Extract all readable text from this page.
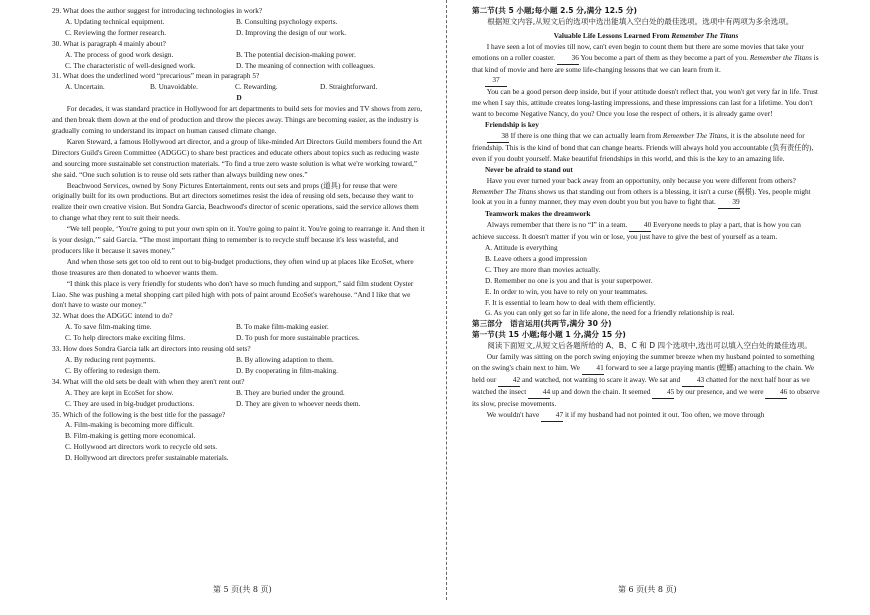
29. What does the author suggest for introducing technologies in work?

A. Updating technical equipment.	B. Consulting psychology experts.
C. Reviewing the former research.	D. Improving the design of our work.

30. What is paragraph 4 mainly about?

A. The process of good work design.	B. The potential decision-making power.
C. The characteristic of well-designed work.	D. The meaning of connection with colleagues.

31. What does the underlined word “precarious” mean in paragraph 5?

A. Uncertain.	B. Unavoidable.	C. Rewarding.	D. Straightforward.

D

For decades, it was standard practice in Hollywood for art departments to build sets for movies and TV shows from zero, and then break them down at the end of production and throw the pieces away. Things are becoming easier, as the industry is gradually coming to understand its impact on human caused climate change.

Karen Steward, a famous Hollywood art director, and a group of like-minded Art Directors Guild members found the Art Directors Guild's Green Committee (ADGGC) to share best practices and educate others about topics such as reducing waste and sourcing more sustainable set construction materials. “To find a true zero waste solution is what we're working toward,” she said. “One such solution is to reuse old sets rather than always building new ones.”

Beachwood Services, owned by Sony Pictures Entertainment, rents out sets and props (道具) for reuse that were originally built for its own productions. But art directors sometimes resist the idea of reusing old sets, because they want to realize their own creative vision. But Sondra Garcia, Beachwood's director of scenic operations, said the service allows them to change what they rent to suit their needs.

“We tell people, ‘You're going to put your own spin on it. You're going to paint it. You're going to rearrange it. And then it is your design,’” said Garcia. “The most important thing to remember is to recycle stuff because it's less wasteful, and producers like it because it saves money.”

And when those sets get too old to rent out to big-budget productions, they often wind up at places like EcoSet, where those treasures are then donated to whoever wants them.

“I think this place is very friendly for students who don't have so much funding and support,” said film student Oyster Liao. She was pushing a metal shopping cart piled high with pots of paint around EcoSet's warehouse. “And I like that we don't have to waste our money.”

32. What does the ADGGC intend to do?

A. To save film-making time.	B. To make film-making easier.
C. To help directors make exciting films.	D. To push for more sustainable practices.

33. How does Sondra Garcia talk art directors into reusing old sets?

A. By reducing rent payments.	B. By allowing adaption to them.
C. By offering to redesign them.	D. By cooperating in film-making.

34. What will the old sets be dealt with when they aren't rent out?

A. They are kept in EcoSet for show.	B. They are buried under the ground.
C. They are used in big-budget productions.	D. They are given to whoever needs them.

35. Which of the following is the best title for the passage?

A. Film-making is becoming more difficult.

B. Film-making is getting more economical.

C. Hollywood art directors work to recycle old sets.

D. Hollywood art directors prefer sustainable materials.

第二节(共 5 小题;每小题 2.5 分,满分 12.5 分)

根据短文内容,从短文后的选项中选出能填入空白处的最佳选项。选项中有两项为多余选项。

Valuable Life Lessons Learned From Remember The Titans

I have seen a lot of movies till now, can't even begin to count them but there are some movies that take your emotions on a roller coaster. 36 You become a part of them as they become a part of you. Remember the Titans is that kind of movie and here are some life-changing lessons that we can learn from it.

37

You can be a good person deep inside, but if your attitude doesn't reflect that, you won't get very far in life. Trust me when I say this, attitude creates long-lasting impressions, and these impressions can last for a lifetime. You don't want to become Negative Nancy, do you? Once you lose the respect of others, it is already game over!

Friendship is key

38 If there is one thing that we can actually learn from Remember The Titans, it is the absolute need for friendship. This is the kind of bond that can change hearts. Friends will always hold you accountable (负有责任的), even if you doubt yourself. Make beautiful friendships in this world, and this is the key to an amazing life.

Never be afraid to stand out

Have you ever turned your back away from an opportunity, only because you were different from others? Remember The Titans shows us that standing out from others is a blessing, it isn't a curse (祸根). Yes, people might look at you in a funny manner, they may even doubt you but you have to fight that. 39

Teamwork makes the dreamwork

Always remember that there is no “I” in a team. 40 Everyone needs to play a part, that is how you can achieve success. It doesn't matter if you win or lose, you just have to give the best of yourself as a team.

A. Attitude is everything

B. Leave others a good impression

C. They are more than movies actually.

D. Remember no one is you and that is your superpower.

E. In order to win, you have to rely on your teammates.

F. It is essential to learn how to deal with them efficiently.

G. As you can only get so far in life alone, the need for a friendly relationship is real.

第三部分　语言运用(共两节,满分 30 分)

第一节(共 15 小题;每小题 1 分,满分 15 分)

阅读下面短文,从短文后各题所给的 A、B、C 和 D 四个选项中,选出可以填入空白处的最佳选项。

Our family was sitting on the porch swing enjoying the summer breeze when my husband pointed to something on the swing's chain next to him. We 41 forward to see a large praying mantis (螳螂) attaching to the chain. We held our 42 and watched, not wanting to scare it away. We sat and 43 chatted for the next half hour as we watched the insect 44 up and down the chain. It seemed 45 by our presence, and we were 46 to observe its slow, precise movements.

We wouldn't have 47 it if my husband had not pointed it out. Too often, we move through

第 5 页(共 8 页)	第 6 页(共 8 页)
